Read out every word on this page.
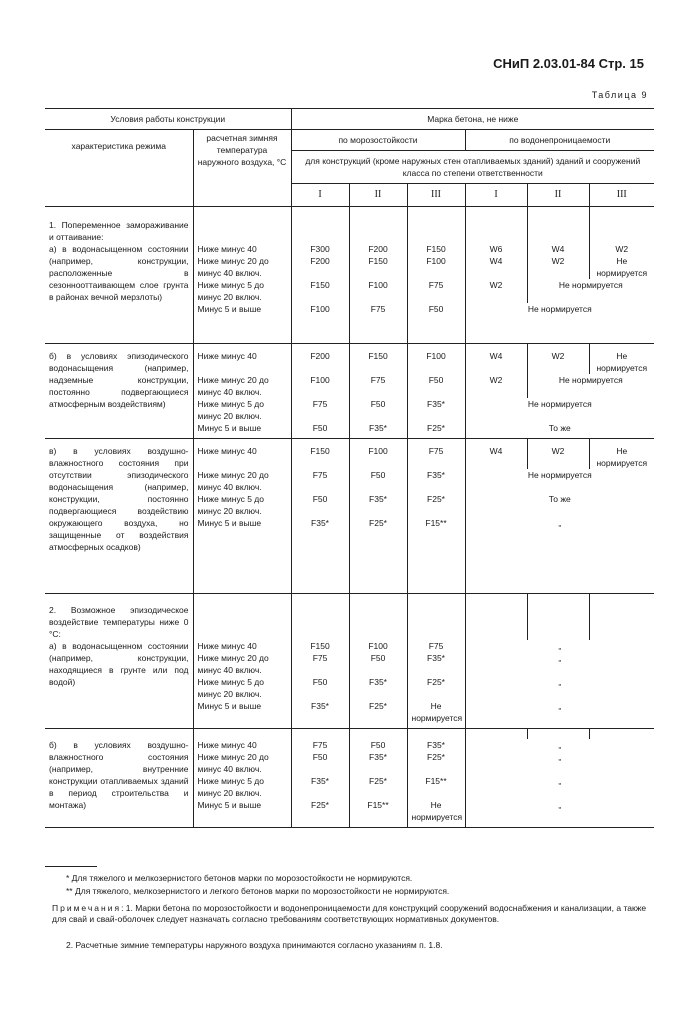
СНиП 2.03.01-84 Стр. 15
Таблица 9
Условия работы конструкции		Марка бетона, не ниже					
характеристика режима	расчетная зимняя температура наружного воздуха, °С	по морозостойкости			по водонепроницаемости		
		для конструкций (кроме наружных стен отапливаемых зданий) зданий и сооружений класса по степени ответственности					
		I	II	III	I	II	III
1. Попеременное замораживание и оттаивание:							
а) в водонасыщенном состоянии (например, конструкции, расположенные в сезоннооттаивающем слое грунта в районах вечной мерзлоты)	Ниже минус 40	F300	F200	F150	W6	W4	W2
	Ниже минус 20 до минус 40 включ.	F200	F150	F100	W4	W2	Не нормируется
	Ниже минус 5 до минус 20 включ.	F150	F100	F75	W2	Не нормируется	
	Минус 5 и выше	F100	F75	F50	Не нормируется		

б) в условиях эпизодического водонасыщения (например, надземные конструкции, постоянно подвергающиеся атмосферным воздействиям)	Ниже минус 40	F200	F150	F100	W4	W2	Не нормируется
	Ниже минус 20 до минус 40 включ.	F100	F75	F50	W2	Не нормируется	
	Ниже минус 5 до минус 20 включ.	F75	F50	F35*	Не нормируется		
	Минус 5 и выше	F50	F35*	F25*	То же		

в) в условиях воздушно-влажностного состояния при отсутствии эпизодического водонасыщения (например, конструкции, постоянно подвергающиеся воздействию окружающего воздуха, но защищенные от воздействия атмосферных осадков)	Ниже минус 40	F150	F100	F75	W4	W2	Не нормируется
	Ниже минус 20 до минус 40 включ.	F75	F50	F35*	Не нормируется		
	Ниже минус 5 до минус 20 включ.	F50	F35*	F25*	То же		
	Минус 5 и выше	F35*	F25*	F15**	„		

2. Возможное эпизодическое воздействие температуры ниже 0 °С:							
а) в водонасыщенном состоянии (например, конструкции, находящиеся в грунте или под водой)	Ниже минус 40	F150	F100	F75	„		
	Ниже минус 20 до минус 40 включ.	F75	F50	F35*	„		
	Ниже минус 5 до минус 20 включ.	F50	F35*	F25*	„		
	Минус 5 и выше	F35*	F25*	Не нормируется	„		

б) в условиях воздушно-влажностного состояния (например, внутренние конструкции отапливаемых зданий в период строительства и монтажа)	Ниже минус 40	F75	F50	F35*	„		
	Ниже минус 20 до минус 40 включ.	F50	F35*	F25*	„		
	Ниже минус 5 до минус 20 включ.	F35*	F25*	F15**	„		
	Минус 5 и выше	F25*	F15**	Не нормируется	„		
* Для тяжелого и мелкозернистого бетонов марки по морозостойкости не нормируются.
** Для тяжелого, мелкозернистого и легкого бетонов марки по морозостойкости не нормируются.
Примечания: 1. Марки бетона по морозостойкости и водонепроницаемости для конструкций сооружений водоснабжения и канализации, а также для свай и свай-оболочек следует назначать согласно требованиям соответствующих нормативных документов.
2. Расчетные зимние температуры наружного воздуха принимаются согласно указаниям п. 1.8.
